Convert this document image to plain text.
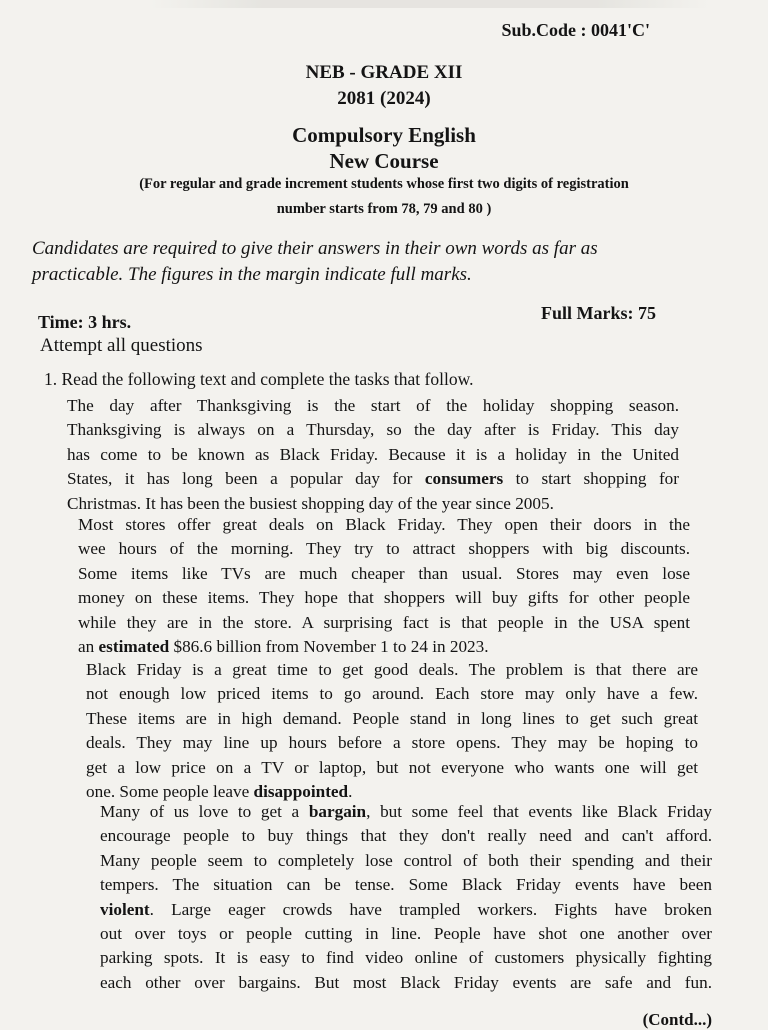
Sub.Code : 0041'C'
NEB - GRADE XII
2081 (2024)
Compulsory English
New Course
(For regular and grade increment students whose first two digits of registration
number starts from 78, 79 and 80 )
Candidates are required to give their answers in their own words as far as
practicable. The figures in the margin indicate full marks.
Time: 3 hrs.	Full Marks: 75
Attempt all questions
1. Read the following text and complete the tasks that follow.
The day after Thanksgiving is the start of the holiday shopping season.
Thanksgiving is always on a Thursday, so the day after is Friday. This day
has come to be known as Black Friday. Because it is a holiday in the United
States, it has long been a popular day for consumers to start shopping for
Christmas. It has been the busiest shopping day of the year since 2005.
Most stores offer great deals on Black Friday. They open their doors in the
wee hours of the morning. They try to attract shoppers with big discounts.
Some items like TVs are much cheaper than usual. Stores may even lose
money on these items. They hope that shoppers will buy gifts for other people
while they are in the store. A surprising fact is that people in the USA spent
an estimated $86.6 billion from November 1 to 24 in 2023.
Black Friday is a great time to get good deals. The problem is that there are
not enough low priced items to go around. Each store may only have a few.
These items are in high demand. People stand in long lines to get such great
deals. They may line up hours before a store opens. They may be hoping to
get a low price on a TV or laptop, but not everyone who wants one will get
one. Some people leave disappointed.
Many of us love to get a bargain, but some feel that events like Black Friday
encourage people to buy things that they don't really need and can't afford.
Many people seem to completely lose control of both their spending and their
tempers. The situation can be tense. Some Black Friday events have been
violent. Large eager crowds have trampled workers. Fights have broken
out over toys or people cutting in line. People have shot one another over
parking spots. It is easy to find video online of customers physically fighting
each other over bargains. But most Black Friday events are safe and fun.
(Contd...)
